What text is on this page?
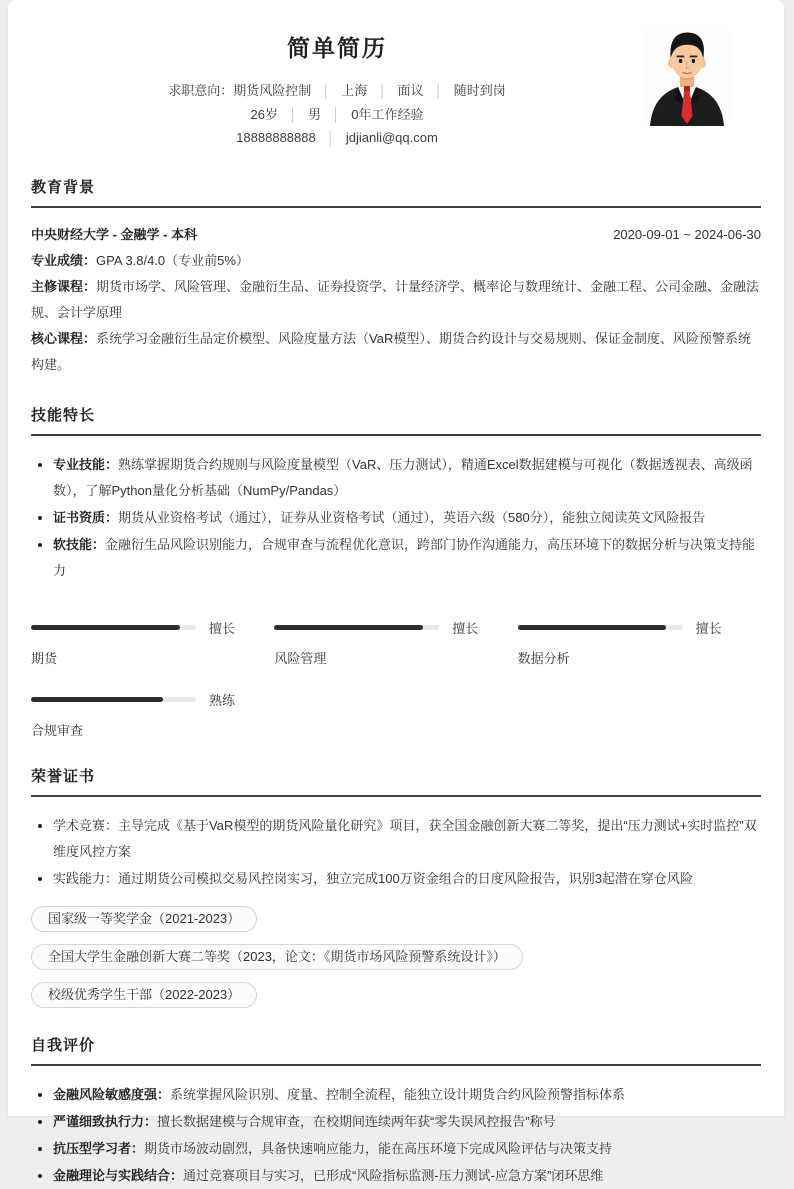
简单简历
求职意向：期货风险控制 │ 上海 │ 面议 │ 随时到岗
26岁 │ 男 │ 0年工作经验
18888888888 │ jdjianli@qq.com
教育背景
中央财经大学 - 金融学 - 本科	2020-09-01 ~ 2024-06-30

专业成绩：GPA 3.8/4.0（专业前5%）

主修课程：期货市场学、风险管理、金融衍生品、证券投资学、计量经济学、概率论与数理统计、金融工程、公司金融、金融法规、会计学原理

核心课程：系统学习金融衍生品定价模型、风险度量方法（VaR模型）、期货合约设计与交易规则、保证金制度、风险预警系统构建。

技能特长

专业技能：熟练掌握期货合约规则与风险度量模型（VaR、压力测试），精通Excel数据建模与可视化（数据透视表、高级函数），了解Python量化分析基础（NumPy/Pandas）

证书资质：期货从业资格考试（通过），证券从业资格考试（通过），英语六级（580分），能独立阅读英文风险报告

软技能：金融衍生品风险识别能力，合规审查与流程优化意识，跨部门协作沟通能力，高压环境下的数据分析与决策支持能力

擅长
期货
擅长
风险管理
擅长
数据分析
熟练
合规审查
荣誉证书

学术竞赛：主导完成《基于VaR模型的期货风险量化研究》项目，获全国金融创新大赛二等奖，提出“压力测试+实时监控”双维度风控方案

实践能力：通过期货公司模拟交易风控岗实习，独立完成100万资金组合的日度风险报告，识别3起潜在穿仓风险

国家级一等奖学金（2021-2023）
全国大学生金融创新大赛二等奖（2023，论文：《期货市场风险预警系统设计》）
校级优秀学生干部（2022-2023）
自我评价

金融风险敏感度强：系统掌握风险识别、度量、控制全流程，能独立设计期货合约风险预警指标体系

严谨细致执行力：擅长数据建模与合规审查，在校期间连续两年获“零失误风控报告”称号

抗压型学习者：期货市场波动剧烈，具备快速响应能力，能在高压环境下完成风险评估与决策支持

金融理论与实践结合：通过竞赛项目与实习，已形成“风险指标监测-压力测试-应急方案”闭环思维
